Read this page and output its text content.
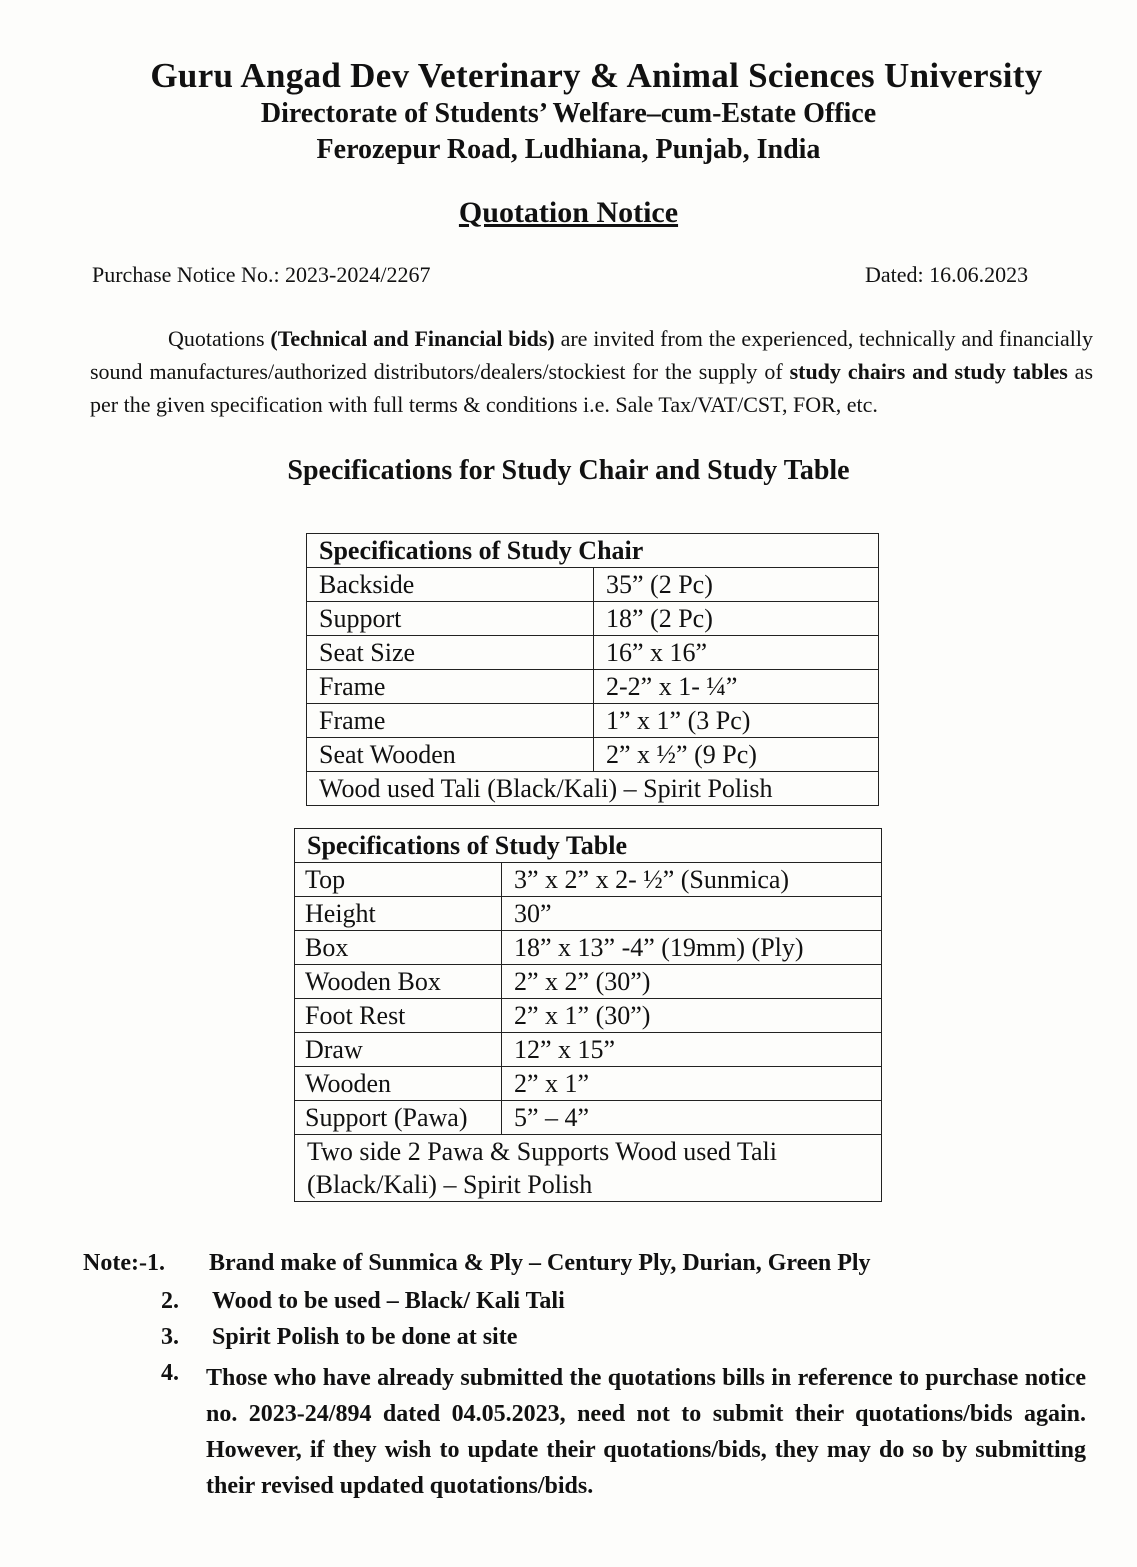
Guru Angad Dev Veterinary & Animal Sciences University
Directorate of Students’ Welfare–cum-Estate Office
Ferozepur Road, Ludhiana, Punjab, India
Quotation Notice
Purchase Notice No.: 2023-2024/2267	Dated: 16.06.2023
Quotations (Technical and Financial bids) are invited from the experienced, technically and financially sound manufactures/authorized distributors/dealers/stockiest for the supply of study chairs and study tables as per the given specification with full terms & conditions i.e. Sale Tax/VAT/CST, FOR, etc.
Specifications for Study Chair and Study Table
Specifications of Study Chair	
Backside	35” (2 Pc)
Support	18” (2 Pc)
Seat Size	16” x 16”
Frame	2-2” x 1- ¼”
Frame	1” x 1” (3 Pc)
Seat Wooden	2” x ½” (9 Pc)
Wood used Tali (Black/Kali) – Spirit Polish	
Specifications of Study Table	
Top	3” x 2” x 2- ½” (Sunmica)
Height	30”
Box	18” x 13” -4” (19mm) (Ply)
Wooden Box	2” x 2” (30”)
Foot Rest	2” x 1” (30”)
Draw	12” x 15”
Wooden	2” x 1”
Support (Pawa)	5” – 4”
Two side 2 Pawa & Supports Wood used Tali (Black/Kali) – Spirit Polish	
Note:-1. Brand make of Sunmica & Ply – Century Ply, Durian, Green Ply
2. Wood to be used – Black/ Kali Tali
3. Spirit Polish to be done at site
4. Those who have already submitted the quotations bills in reference to purchase notice no. 2023-24/894 dated 04.05.2023, need not to submit their quotations/bids again. However, if they wish to update their quotations/bids, they may do so by submitting their revised updated quotations/bids.
